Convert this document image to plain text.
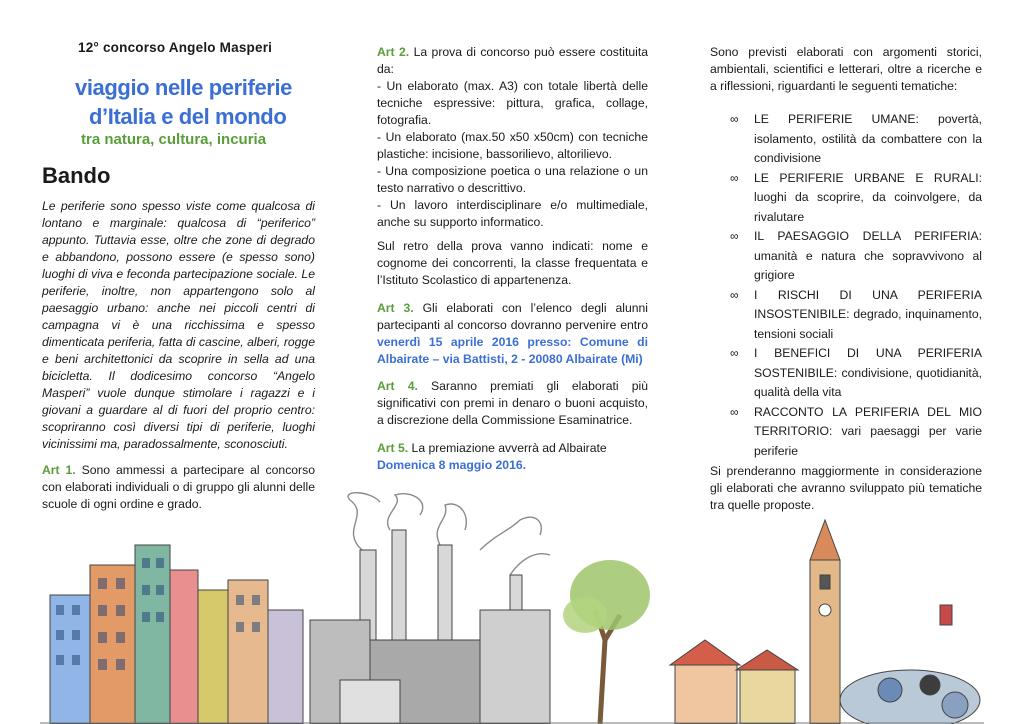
12° concorso Angelo Masperi
viaggio nelle periferie
d’Italia e del mondo
tra natura, cultura, incuria
Bando

Le periferie sono spesso viste come qualcosa di lontano e marginale: qualcosa di “periferico” appunto. Tuttavia esse, oltre che zone di degrado e abbandono, possono essere (e spesso sono) luoghi di viva e feconda partecipazione sociale. Le periferie, inoltre, non appartengono solo al paesaggio urbano: anche nei piccoli centri di campagna vi è una ricchissima e spesso dimenticata periferia, fatta di cascine, alberi, rogge e beni architettonici da scoprire in sella ad una bicicletta. Il dodicesimo concorso “Angelo Masperi” vuole dunque stimolare i ragazzi e i giovani a guardare al di fuori del proprio centro: scopriranno così diversi tipi di periferie, luoghi vicinissimi ma, paradossalmente, sconosciuti.

Art 1. Sono ammessi a partecipare al concorso con elaborati individuali o di gruppo gli alunni delle scuole di ogni ordine e grado.

Art 2. La prova di concorso può essere costituita da:

- Un elaborato (max. A3) con totale libertà delle tecniche espressive: pittura, grafica, collage, fotografia.

- Un elaborato (max.50 x50 x50cm) con tecniche plastiche: incisione, bassorilievo, altorilievo.

- Una composizione poetica o una relazione o un testo narrativo o descrittivo.

- Un lavoro interdisciplinare e/o multimediale, anche su supporto informatico.

Sul retro della prova vanno indicati: nome e cognome dei concorrenti, la classe frequentata e l’Istituto Scolastico di appartenenza.

Art 3. Gli elaborati con l’elenco degli alunni partecipanti al concorso dovranno pervenire entro venerdì 15 aprile 2016 presso: Comune di Albairate – via Battisti, 2 - 20080 Albairate (Mi)

Art 4. Saranno premiati gli elaborati più significativi con premi in denaro o buoni acquisto, a discrezione della Commissione Esaminatrice.

Art 5. La premiazione avverrà ad Albairate
Domenica 8 maggio 2016.

Sono previsti elaborati con argomenti storici, ambientali, scientifici e letterari, oltre a ricerche e a riflessioni, riguardanti le seguenti tematiche:

∞ LE PERIFERIE UMANE: povertà, isolamento, ostilità da combattere con la condivisione
∞ LE PERIFERIE URBANE E RURALI: luoghi da scoprire, da coinvolgere, da rivalutare
∞ IL PAESAGGIO DELLA PERIFERIA: umanità e natura che sopravvivono al grigiore
∞ I RISCHI DI UNA PERIFERIA INSOSTENIBILE: degrado, inquinamento, tensioni sociali
∞ I BENEFICI DI UNA PERIFERIA SOSTENIBILE: condivisione, quotidianità, qualità della vita
∞ RACCONTO LA PERIFERIA DEL MIO TERRITORIO: vari paesaggi per varie periferie

Si prenderanno maggiormente in considerazione gli elaborati che avranno sviluppato più tematiche tra quelle proposte.
